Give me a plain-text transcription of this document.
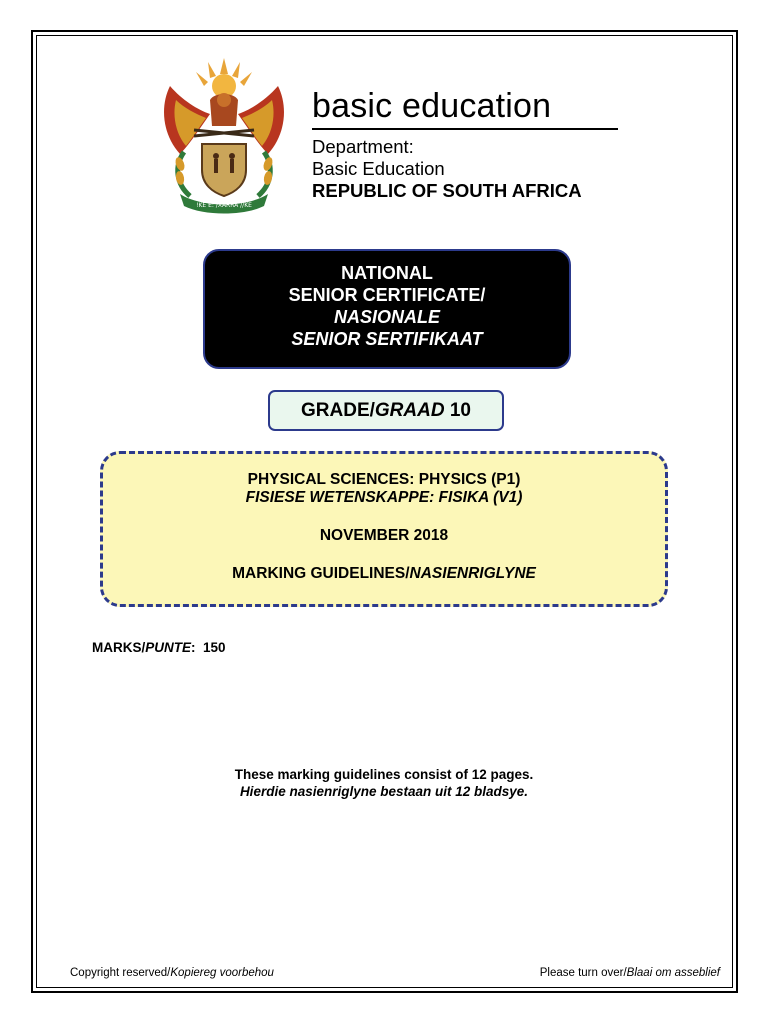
!KE E: /XARRA //KE
basic education
Department:
Basic Education
REPUBLIC OF SOUTH AFRICA
NATIONAL
SENIOR CERTIFICATE/
NASIONALE
SENIOR SERTIFIKAAT
GRADE/GRAAD 10
PHYSICAL SCIENCES: PHYSICS (P1)
FISIESE WETENSKAPPE: FISIKA (V1)
NOVEMBER 2018
MARKING GUIDELINES/NASIENRIGLYNE
MARKS/PUNTE:  150
These marking guidelines consist of 12 pages.
Hierdie nasienriglyne bestaan uit 12 bladsye.
Copyright reserved/Kopiereg voorbehou	Please turn over/Blaai om asseblief
